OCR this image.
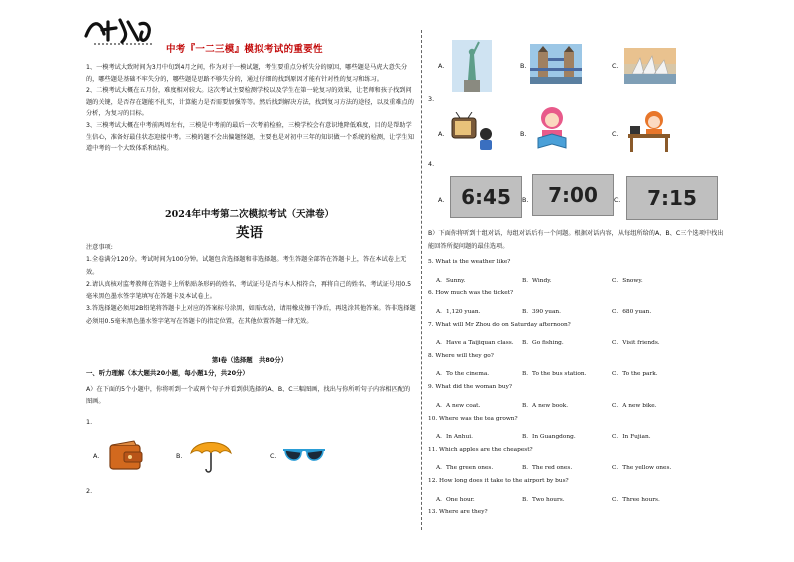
中考『一二三模』模拟考试的重要性

1、一模考试大致时间为3月中旬到4月之间，作为对于一模试题，考生要重点分析失分的原因，哪些题是马虎大意失分的，哪些题是基础不牢失分的，哪些题是思路不够失分的，通过仔细的找到原因才能有针对性的复习和练习。

2、二模考试大概在五月份，难度相对较大。这次考试主要检测学校以及学生在第一轮复习的效果，让老师和孩子找到问题的关键，是否存在题能不扎实，计算能力是否需要加强等等。然后找到解决方法，找到复习方法的途径，以及重难点的分析，为复习的目标。

3、三模考试大概在中考前两周左右，三模是中考前的最后一次考前检验，三模学校会有意识地降低难度，目的是帮助学生信心，准备好最佳状态迎接中考。三模的题不会出偏题怪题，主要也是对初中三年的知识做一个系统的检测，让学生知道中考的一个大致体系和结构。

2024年中考第二次模拟考试（天津卷）
英语

注意事项:

1.全卷满分120分。考试时间为100分钟。试题包含选择题和非选择题。考生答题全部答在答题卡上，答在本试卷上无效。

2.请认真核对监考教师在答题卡上所粘贴条形码的姓名、考试证号是否与本人相符合，再将自己的姓名、考试证号用0.5毫米黑色墨水签字笔填写在答题卡及本试卷上。

3.答选择题必须用2B铅笔将答题卡上对应的答案标号涂黑，如需改动，请用橡皮擦干净后，再选涂其他答案。答非选择题必须用0.5毫米黑色墨水签字笔写在答题卡的指定位置，在其他位置答题一律无效。

第I卷（选择题　共80分）
一、听力理解（本大题共20小题，每小题1分，共20分）
A）在下面的5个小题中，你将听到一个或两个句子并看到供选择的A、B、C三幅图画，找出与你所听句子内容相匹配的图画。
1.
A.	B.	C.
2.
A.	B.	C.
3.
A.	B.	C.
4.
A. 6:45	B. 7:00	C.	7:15
B）下面你将听到十组对话，每组对话后有一个问题。根据对话内容，从每组所给的A、B、C三个选项中找出能回答所提问题的最佳选项。
5. What is the weather like?
A．Sunny.	B．Windy.	C．Snowy.
6. How much was the ticket?
A．1,120 yuan.	B．390 yuan.	C．680 yuan.
7. What will Mr Zhou do on Saturday afternoon?
A．Have a Taijiquan class. B．Go fishing.	C．Visit friends.
8. Where will they go?
A．To the cinema.	B．To the bus station.	C．To the park.
9. What did the woman buy?
A．A new coat.	B．A new book.	C．A new bike.
10. Where was the tea grown?
A．In Anhui.	B．In Guangdong.	C．In Fujian.
11. Which apples are the cheapest?
A．The green ones.	B．The red ones.	C．The yellow ones.
12. How long does it take to the airport by bus?
A．One hour.	B．Two hours.	C．Three hours.
13. Where are they?
